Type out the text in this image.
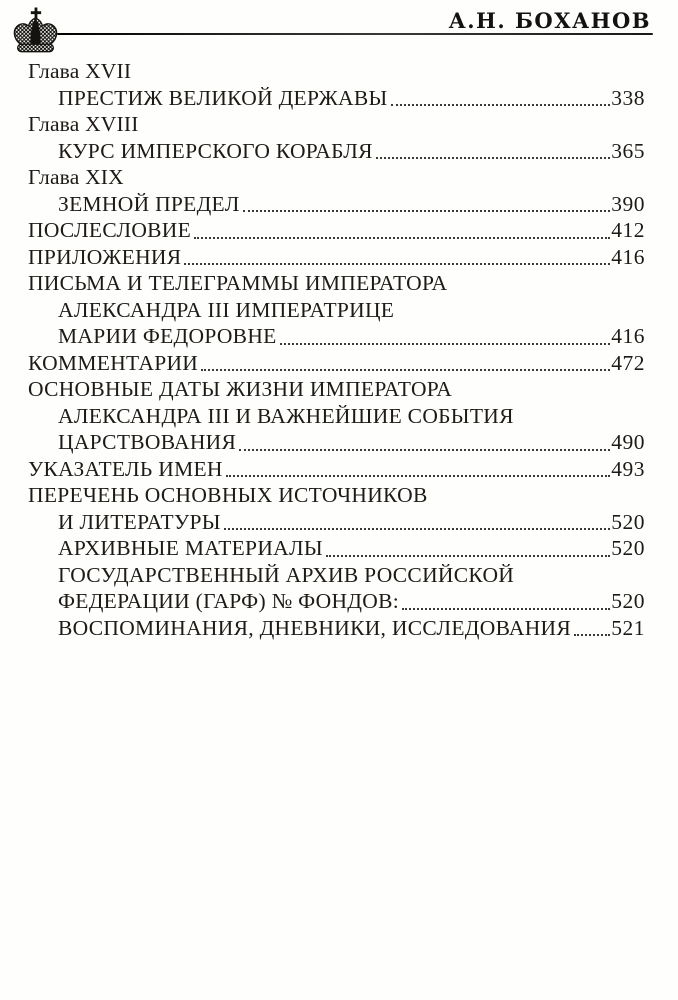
А.Н. БОХАНОВ
Глава XVII
ПРЕСТИЖ ВЕЛИКОЙ ДЕРЖАВЫ	338
Глава XVIII
КУРС ИМПЕРСКОГО КОРАБЛЯ	365
Глава XIX
ЗЕМНОЙ ПРЕДЕЛ	390
ПОСЛЕСЛОВИЕ	412
ПРИЛОЖЕНИЯ	416
ПИСЬМА И ТЕЛЕГРАММЫ ИМПЕРАТОРА
АЛЕКСАНДРА III ИМПЕРАТРИЦЕ
МАРИИ ФЕДОРОВНЕ	416
КОММЕНТАРИИ	472
ОСНОВНЫЕ ДАТЫ ЖИЗНИ ИМПЕРАТОРА
АЛЕКСАНДРА III И ВАЖНЕЙШИЕ СОБЫТИЯ
ЦАРСТВОВАНИЯ	490
УКАЗАТЕЛЬ ИМЕН	493
ПЕРЕЧЕНЬ ОСНОВНЫХ ИСТОЧНИКОВ
И ЛИТЕРАТУРЫ	520
АРХИВНЫЕ МАТЕРИАЛЫ	520
ГОСУДАРСТВЕННЫЙ АРХИВ РОССИЙСКОЙ
ФЕДЕРАЦИИ (ГАРФ) № ФОНДОВ:	520
ВОСПОМИНАНИЯ, ДНЕВНИКИ, ИССЛЕДОВАНИЯ 521
